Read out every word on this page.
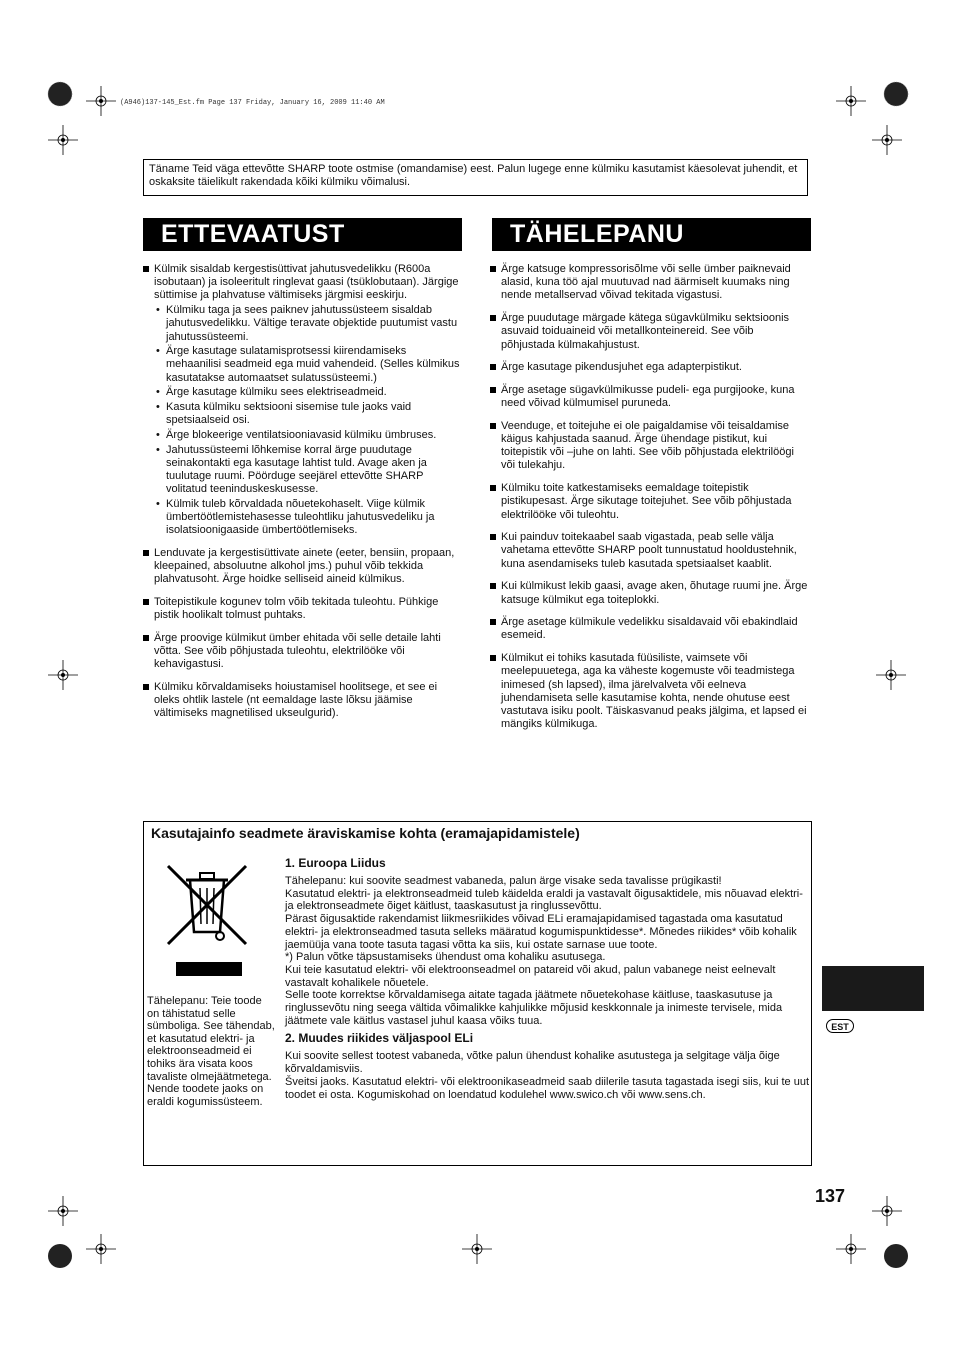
(A946)137-145_Est.fm Page 137 Friday, January 16, 2009 11:40 AM
Täname Teid väga ettevõtte SHARP toote ostmise (omandamise) eest. Palun lugege enne külmiku kasutamist käesolevat juhendit, et oskaksite täielikult rakendada kõiki külmiku võimalusi.
ETTEVAATUST	TÄHELEPANU
Külmik sisaldab kergestisüttivat jahutusvedelikku (R600a isobutaan) ja isoleeritult ringlevat gaasi (tsüklobutaan). Järgige süttimise ja plahvatuse vältimiseks järgmisi eeskirju.
• Külmiku taga ja sees paiknev jahutussüsteem sisaldab jahutusvedelikku. Vältige teravate objektide puutumist vastu jahutussüsteemi.
• Ärge kasutage sulatamisprotsessi kiirendamiseks mehaanilisi seadmeid ega muid vahendeid. (Selles külmikus kasutatakse automaatset sulatussüsteemi.)
• Ärge kasutage külmiku sees elektriseadmeid.
• Kasuta külmiku sektsiooni sisemise tule jaoks vaid spetsiaalseid osi.
• Ärge blokeerige ventilatsiooniavasid külmiku ümbruses.
• Jahutussüsteemi lõhkemise korral ärge puudutage seinakontakti ega kasutage lahtist tuld. Avage aken ja tuulutage ruumi. Pöörduge seejärel ettevõtte SHARP volitatud teeninduskeskusesse.
• Külmik tuleb kõrvaldada nõuetekohaselt. Viige külmik ümbertöötlemistehasesse tuleohtliku jahutusvedeliku ja isolatsioonigaaside ümbertöötlemiseks.
Lenduvate ja kergestisüttivate ainete (eeter, bensiin, propaan, kleepained, absoluutne alkohol jms.) puhul võib tekkida plahvatusoht. Ärge hoidke selliseid aineid külmikus.
Toitepistikule kogunev tolm võib tekitada tuleohtu. Pühkige pistik hoolikalt tolmust puhtaks.
Ärge proovige külmikut ümber ehitada või selle detaile lahti võtta. See võib põhjustada tuleohtu, elektrilööke või kehavigastusi.
Külmiku kõrvaldamiseks hoiustamisel hoolitsege, et see ei oleks ohtlik lastele (nt eemaldage laste lõksu jäämise vältimiseks magnetilised ukseulgurid).
Ärge katsuge kompressorisõlme või selle ümber paiknevaid alasid, kuna töö ajal muutuvad nad äärmiselt kuumaks ning nende metallservad võivad tekitada vigastusi.
Ärge puudutage märgade kätega sügavkülmiku sektsioonis asuvaid toiduaineid või metallkonteinereid. See võib põhjustada külmakahjustust.
Ärge kasutage pikendusjuhet ega adapterpistikut.
Ärge asetage sügavkülmikusse pudeli- ega purgijooke, kuna need võivad külmumisel puruneda.
Veenduge, et toitejuhe ei ole paigaldamise või teisaldamise käigus kahjustada saanud. Ärge ühendage pistikut, kui toitepistik või –juhe on lahti. See võib põhjustada elektrilöögi või tulekahju.
Külmiku toite katkestamiseks eemaldage toitepistik pistikupesast. Ärge sikutage toitejuhet. See võib põhjustada elektrilööke või tuleohtu.
Kui painduv toitekaabel saab vigastada, peab selle välja vahetama ettevõtte SHARP poolt tunnustatud hooldustehnik, kuna asendamiseks tuleb kasutada spetsiaalset kaablit.
Kui külmikust lekib gaasi, avage aken, õhutage ruumi jne. Ärge katsuge külmikut ega toiteplokki.
Ärge asetage külmikule vedelikku sisaldavaid või ebakindlaid esemeid.
Külmikut ei tohiks kasutada füüsiliste, vaimsete või meelepuuetega, aga ka väheste kogemuste või teadmistega inimesed (sh lapsed), ilma järelvalveta või eelneva juhendamiseta selle kasutamise kohta, nende ohutuse eest vastutava isiku poolt. Täiskasvanud peaks jälgima, et lapsed ei mängiks külmikuga.
Kasutajainfo seadmete äraviskamise kohta (eramajapidamistele)
Tähelepanu: Teie toode on tähistatud selle sümboliga. See tähendab, et kasutatud elektri- ja elektroonseadmeid ei tohiks ära visata koos tavaliste olmejäätmetega. Nende toodete jaoks on eraldi kogumissüsteem.
1. Euroopa Liidus

Tähelepanu: kui soovite seadmest vabaneda, palun ärge visake seda tavalisse prügikasti!

Kasutatud elektri- ja elektronseadmeid tuleb käidelda eraldi ja vastavalt õigusaktidele, mis nõuavad elektri- ja elektronseadmete õiget käitlust, taaskasutust ja ringlussevõttu.

Pärast õigusaktide rakendamist liikmesriikides võivad ELi eramajapidamised tagastada oma kasutatud elektri- ja elektronseadmed tasuta selleks määratud kogumispunktidesse*. Mõnedes riikides* võib kohalik jaemüüja vana toote tasuta tagasi võtta ka siis, kui ostate sarnase uue toote.

*) Palun võtke täpsustamiseks ühendust oma kohaliku asutusega.

Kui teie kasutatud elektri- või elektroonseadmel on patareid või akud, palun vabanege neist eelnevalt vastavalt kohalikele nõuetele.

Selle toote korrektse kõrvaldamisega aitate tagada jäätmete nõuetekohase käitluse, taaskasutuse ja ringlussevõtu ning seega vältida võimalikke kahjulikke mõjusid keskkonnale ja inimeste tervisele, mida jäätmete vale käitlus vastasel juhul kaasa võiks tuua.

2. Muudes riikides väljaspool ELi

Kui soovite sellest tootest vabaneda, võtke palun ühendust kohalike asutustega ja selgitage välja õige kõrvaldamisviis.

Šveitsi jaoks. Kasutatud elektri- või elektroonikaseadmeid saab diilerile tasuta tagastada isegi siis, kui te uut toodet ei osta. Kogumiskohad on loendatud kodulehel www.swico.ch või www.sens.ch.

EST
137
